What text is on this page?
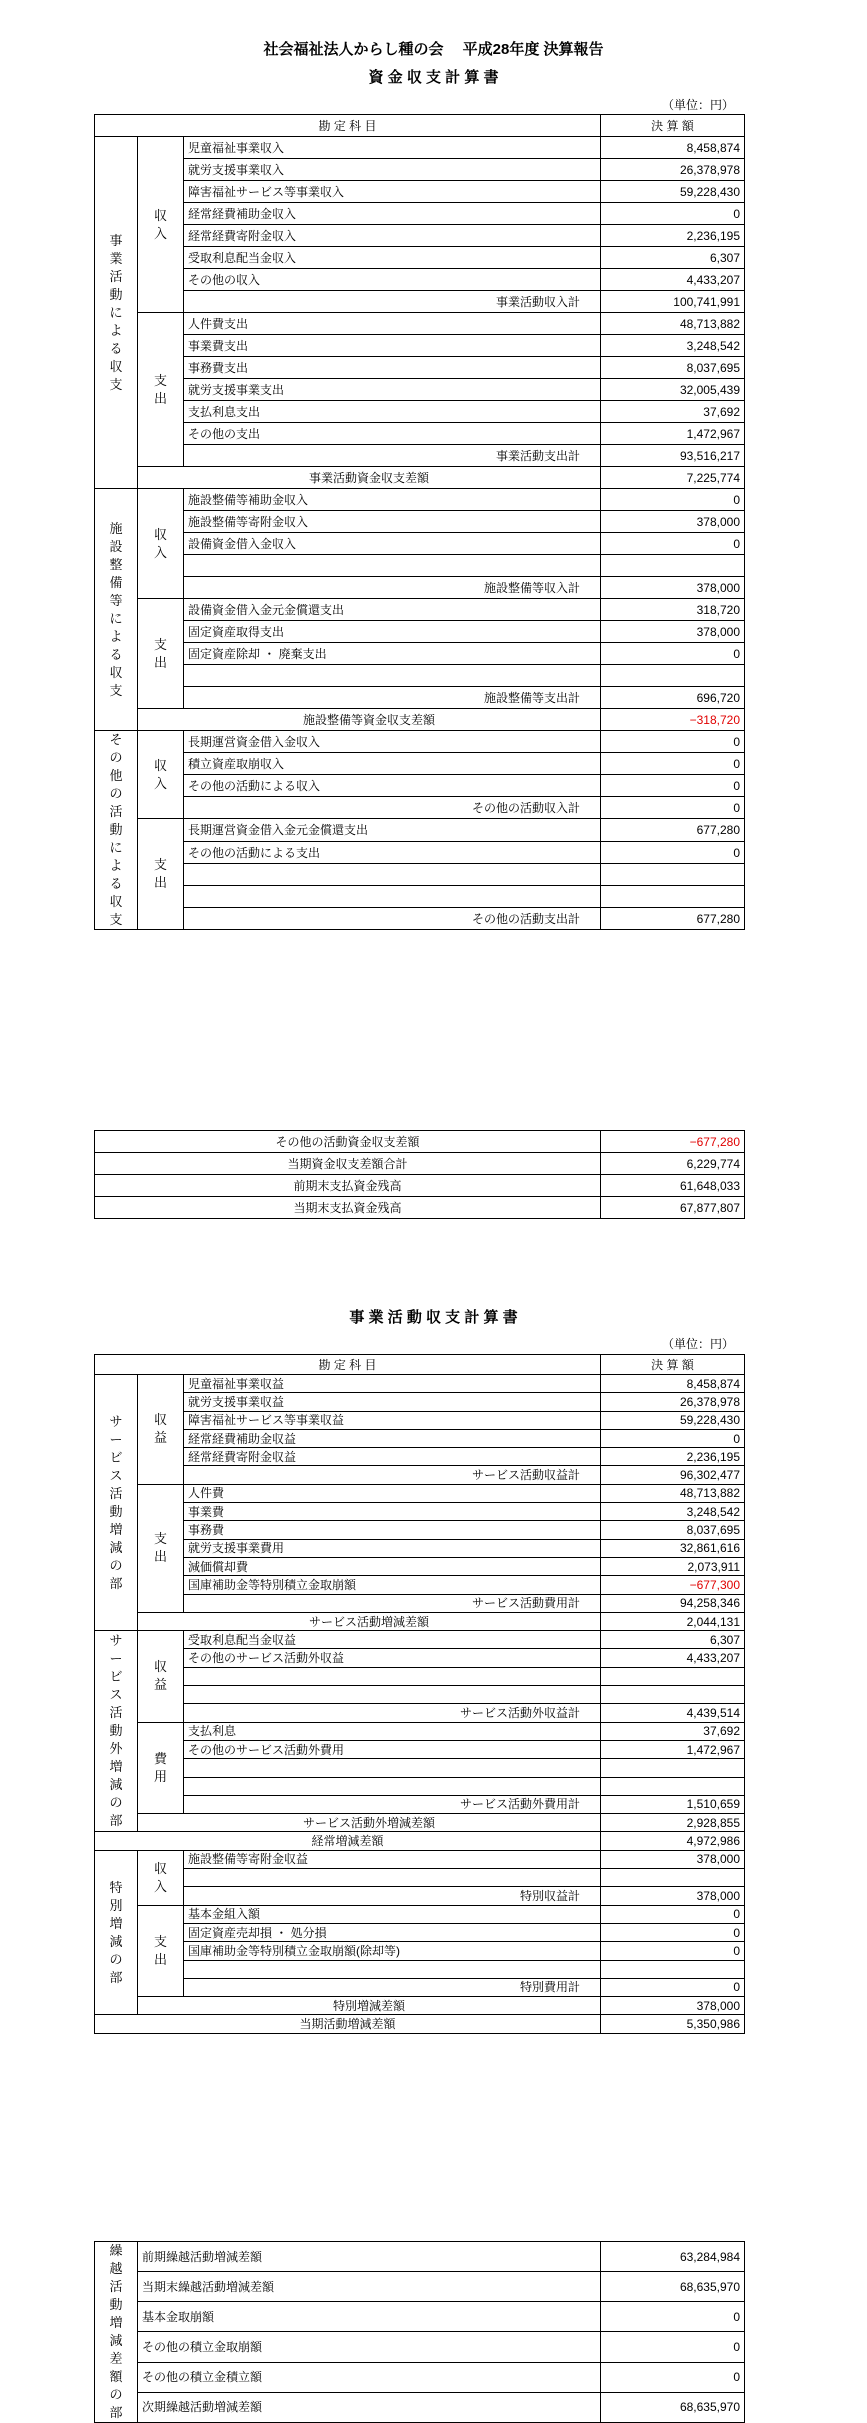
社会福祉法人からし種の会　 平成28年度 決算報告
資 金 収 支 計 算 書
（単位：円）
勘 定 科 目			決 算 額
事業活動による収支	収入	児童福祉事業収入	8,458,874
		就労支援事業収入	26,378,978
		障害福祉サービス等事業収入	59,228,430
		経常経費補助金収入	0
		経常経費寄附金収入	2,236,195
		受取利息配当金収入	6,307
		その他の収入	4,433,207
		事業活動収入計	100,741,991
	支出	人件費支出	48,713,882
		事業費支出	3,248,542
		事務費支出	8,037,695
		就労支援事業支出	32,005,439
		支払利息支出	37,692
		その他の支出	1,472,967
		事業活動支出計	93,516,217
	事業活動資金収支差額		7,225,774
施設整備等による収支	収入	施設整備等補助金収入	0
		施設整備等寄附金収入	378,000
		設備資金借入金収入	0

		施設整備等収入計	378,000
	支出	設備資金借入金元金償還支出	318,720
		固定資産取得支出	378,000
		固定資産除却 ・ 廃棄支出	0

		施設整備等支出計	696,720
	施設整備等資金収支差額		−318,720
その他の活動による収支	収入	長期運営資金借入金収入	0
		積立資産取崩収入	0
		その他の活動による収入	0
		その他の活動収入計	0
	支出	長期運営資金借入金元金償還支出	677,280
		その他の活動による支出	0

		その他の活動支出計	677,280
その他の活動資金収支差額	−677,280
当期資金収支差額合計	6,229,774
前期末支払資金残高	61,648,033
当期末支払資金残高	67,877,807
事 業 活 動 収 支 計 算 書
（単位：円）
勘 定 科 目			決 算 額
サービス活動増減の部	収益	児童福祉事業収益	8,458,874
		就労支援事業収益	26,378,978
		障害福祉サービス等事業収益	59,228,430
		経常経費補助金収益	0
		経常経費寄附金収益	2,236,195
		サービス活動収益計	96,302,477
	支出	人件費	48,713,882
		事業費	3,248,542
		事務費	8,037,695
		就労支援事業費用	32,861,616
		減価償却費	2,073,911
		国庫補助金等特別積立金取崩額	−677,300
		サービス活動費用計	94,258,346
	サービス活動増減差額		2,044,131
サービス活動外増減の部	収益	受取利息配当金収益	6,307
		その他のサービス活動外収益	4,433,207

		サービス活動外収益計	4,439,514
	費用	支払利息	37,692
		その他のサービス活動外費用	1,472,967

		サービス活動外費用計	1,510,659
	サービス活動外増減差額		2,928,855
経常増減差額			4,972,986
特別増減の部	収入	施設整備等寄附金収益	378,000

		特別収益計	378,000
	支出	基本金組入額	0
		固定資産売却損 ・ 処分損	0
		国庫補助金等特別積立金取崩額(除却等)	0

		特別費用計	0
	特別増減差額		378,000
当期活動増減差額			5,350,986
繰越活動増減差額の部	前期繰越活動増減差額	63,284,984
	当期末繰越活動増減差額	68,635,970
	基本金取崩額	0
	その他の積立金取崩額	0
	その他の積立金積立額	0
	次期繰越活動増減差額	68,635,970
